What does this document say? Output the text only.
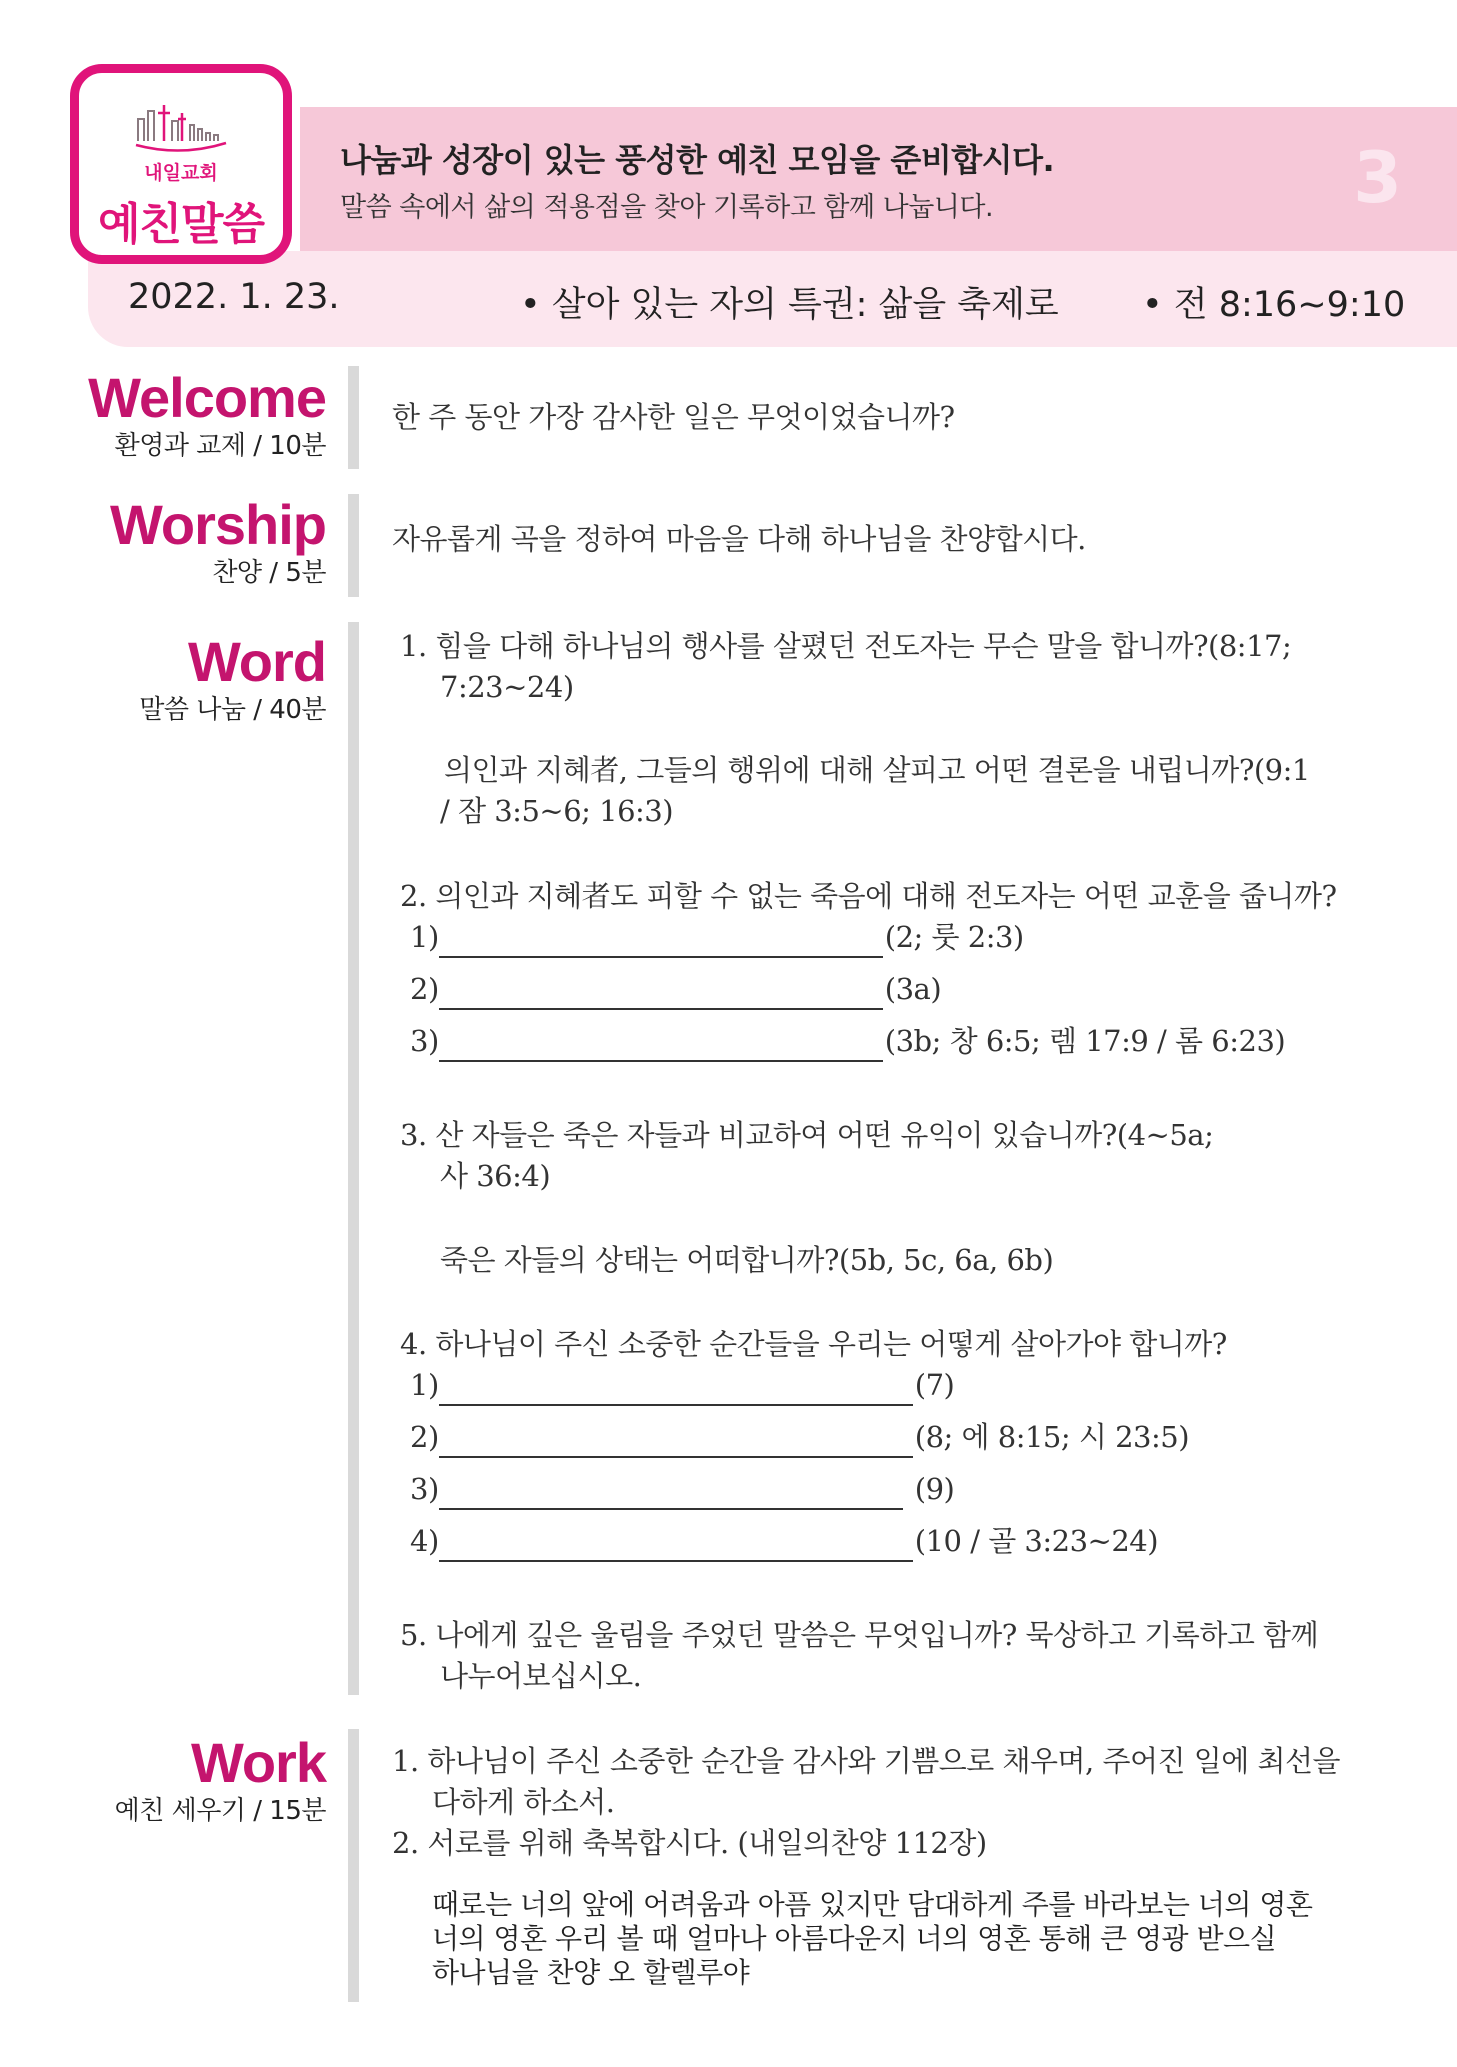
나눔과 성장이 있는 풍성한 예친 모임을 준비합시다.
말씀 속에서 삶의 적용점을 찾아 기록하고 함께 나눕니다.	3
2022. 1. 23.	• 살아 있는 자의 특권: 삶을 축제로 • 전 8:16~9:10
내일교회
예친말씀
Welcome
환영과 교제 / 10분
한 주 동안 가장 감사한 일은 무엇이었습니까?
Worship
찬양 / 5분
자유롭게 곡을 정하여 마음을 다해 하나님을 찬양합시다.
Word
말씀 나눔 / 40분
1. 힘을 다해 하나님의 행사를 살폈던 전도자는 무슨 말을 합니까?(8:17;
7:23~24)
의인과 지혜者, 그들의 행위에 대해 살피고 어떤 결론을 내립니까?(9:1
/ 잠 3:5~6; 16:3)
2. 의인과 지혜者도 피할 수 없는 죽음에 대해 전도자는 어떤 교훈을 줍니까?
1)	(2; 룻 2:3)
2)	(3a)
3)	(3b; 창 6:5; 렘 17:9 / 롬 6:23)
3. 산 자들은 죽은 자들과 비교하여 어떤 유익이 있습니까?(4~5a;
사 36:4)
죽은 자들의 상태는 어떠합니까?(5b, 5c, 6a, 6b)
4. 하나님이 주신 소중한 순간들을 우리는 어떻게 살아가야 합니까?
1)	(7)
2)	(8; 에 8:15; 시 23:5)
3)	(9)
4)	(10 / 골 3:23~24)
5. 나에게 깊은 울림을 주었던 말씀은 무엇입니까? 묵상하고 기록하고 함께
나누어보십시오.
Work
예친 세우기 / 15분
1. 하나님이 주신 소중한 순간을 감사와 기쁨으로 채우며, 주어진 일에 최선을
다하게 하소서.
2. 서로를 위해 축복합시다. (내일의찬양 112장)
때로는 너의 앞에 어려움과 아픔 있지만 담대하게 주를 바라보는 너의 영혼
너의 영혼 우리 볼 때 얼마나 아름다운지 너의 영혼 통해 큰 영광 받으실
하나님을 찬양 오 할렐루야
